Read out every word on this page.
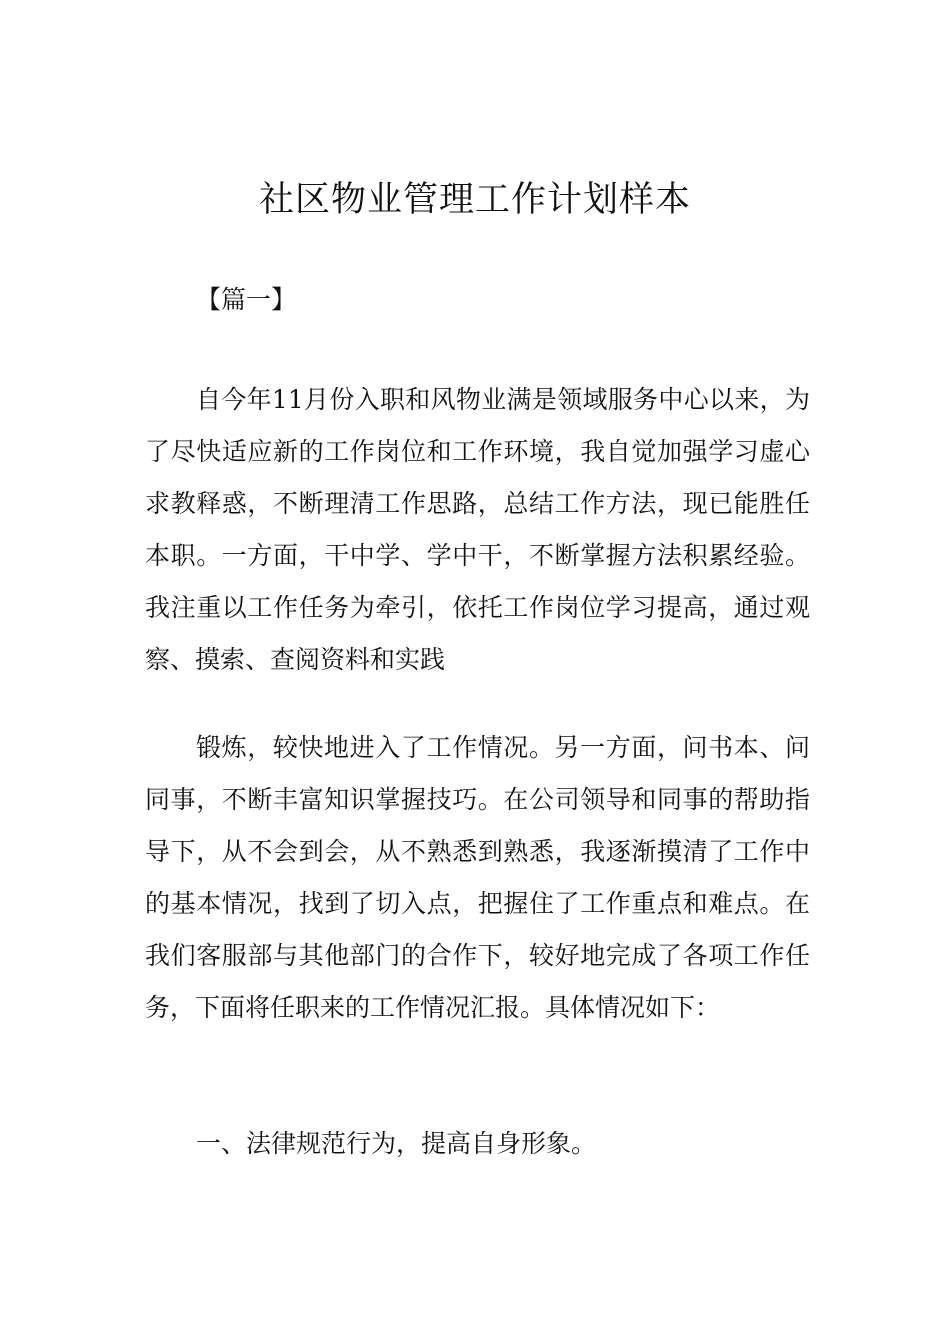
社区物业管理工作计划样本

【篇一】

自今年11月份入职和风物业满是领域服务中心以来，为了尽快适应新的工作岗位和工作环境，我自觉加强学习虚心求教释惑，不断理清工作思路，总结工作方法，现已能胜任本职。一方面，干中学、学中干，不断掌握方法积累经验。我注重以工作任务为牵引，依托工作岗位学习提高，通过观察、摸索、查阅资料和实践

锻炼，较快地进入了工作情况。另一方面，问书本、问同事，不断丰富知识掌握技巧。在公司领导和同事的帮助指导下，从不会到会，从不熟悉到熟悉，我逐渐摸清了工作中的基本情况，找到了切入点，把握住了工作重点和难点。在我们客服部与其他部门的合作下，较好地完成了各项工作任务，下面将任职来的工作情况汇报。具体情况如下：

一、法律规范行为，提高自身形象。
